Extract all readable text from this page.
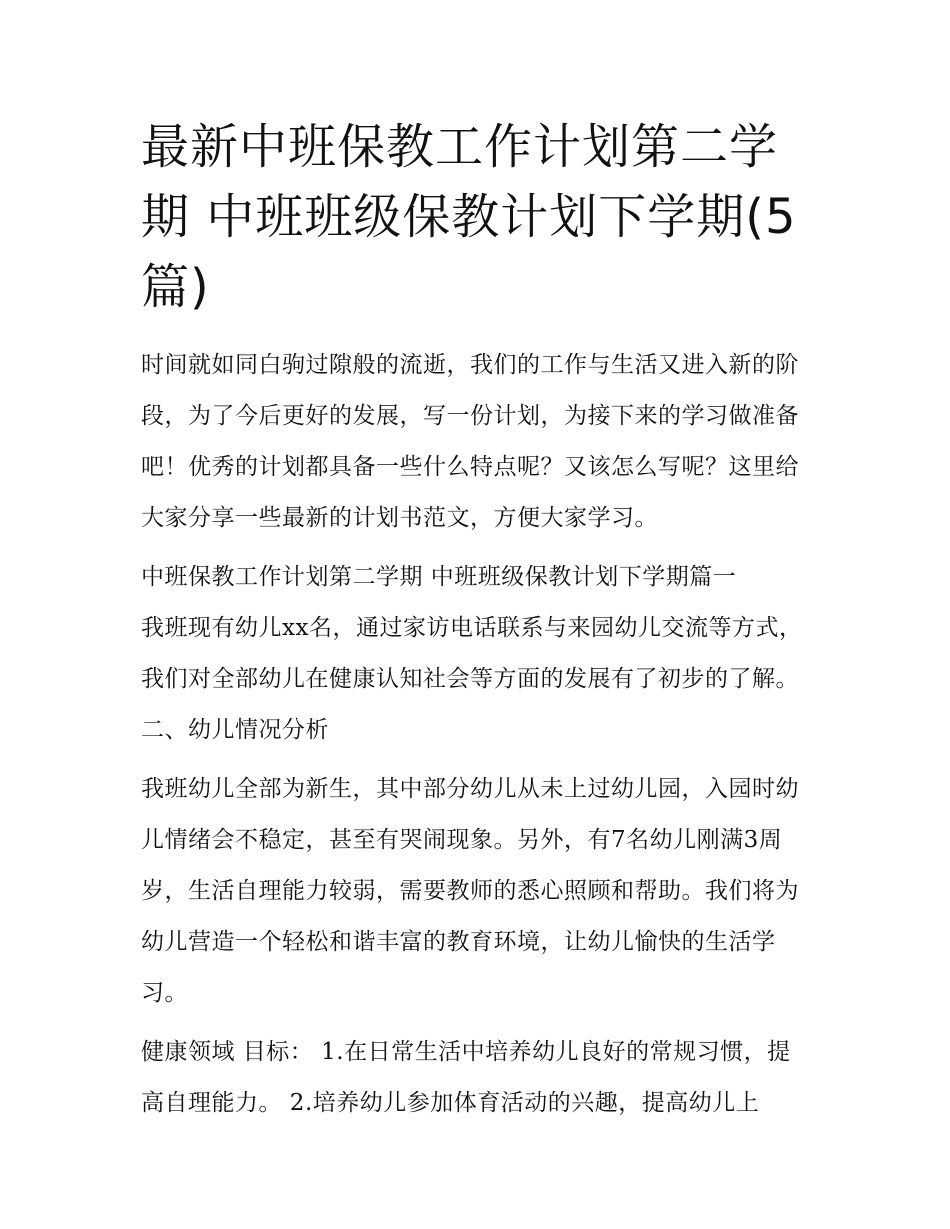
最新中班保教工作计划第二学期 中班班级保教计划下学期(5篇)

时间就如同白驹过隙般的流逝，我们的工作与生活又进入新的阶段，为了今后更好的发展，写一份计划，为接下来的学习做准备吧！优秀的计划都具备一些什么特点呢？又该怎么写呢？这里给大家分享一些最新的计划书范文，方便大家学习。

中班保教工作计划第二学期 中班班级保教计划下学期篇一

我班现有幼儿xx名，通过家访电话联系与来园幼儿交流等方式，我们对全部幼儿在健康认知社会等方面的发展有了初步的了解。 二、幼儿情况分析

我班幼儿全部为新生，其中部分幼儿从未上过幼儿园，入园时幼儿情绪会不稳定，甚至有哭闹现象。另外，有7名幼儿刚满3周岁，生活自理能力较弱，需要教师的悉心照顾和帮助。我们将为幼儿营造一个轻松和谐丰富的教育环境，让幼儿愉快的生活学习。

健康领域 目标： 1.在日常生活中培养幼儿良好的常规习惯，提高自理能力。 2.培养幼儿参加体育活动的兴趣，提高幼儿上
